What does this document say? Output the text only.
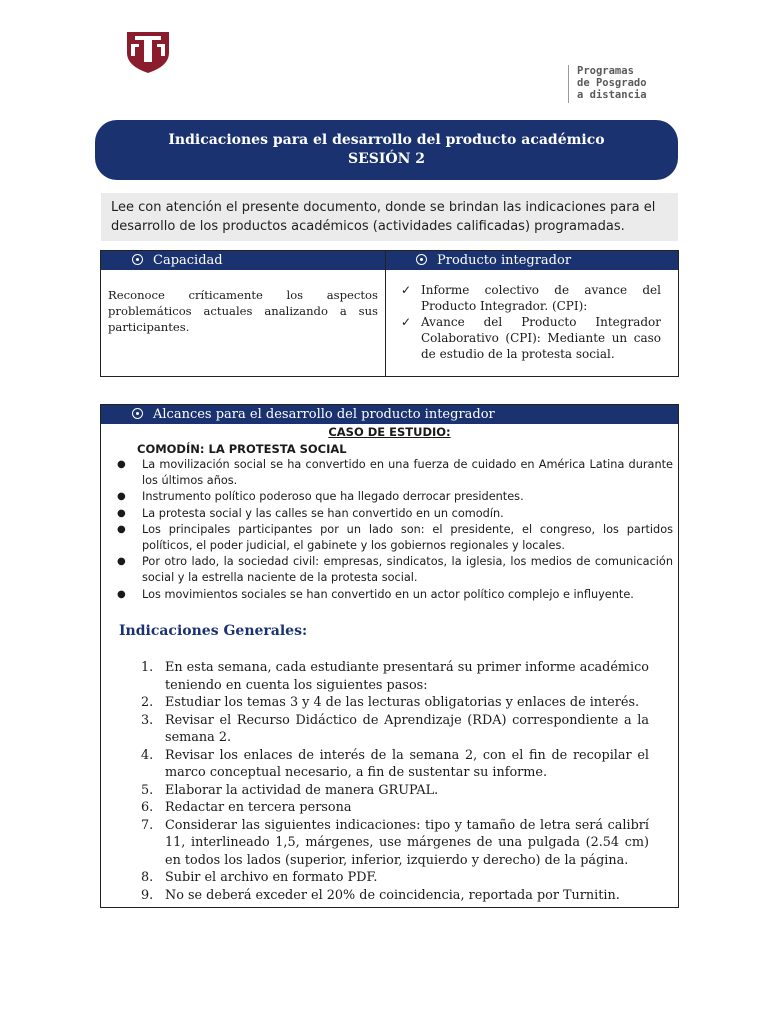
Programas
de Posgrado
a distancia
Indicaciones para el desarrollo del producto académico
SESIÓN 2
Lee con atención el presente documento, donde se brindan las indicaciones para el desarrollo de los productos académicos (actividades calificadas) programadas.
Capacidad	Producto integrador
Reconoce críticamente los aspectos problemáticos actuales analizando a sus participantes.
✓ Informe colectivo de avance del Producto Integrador. (CPI):
✓ Avance del Producto Integrador Colaborativo (CPI): Mediante un caso de estudio de la protesta social.
Alcances para el desarrollo del producto integrador
CASO DE ESTUDIO:
COMODÍN: LA PROTESTA SOCIAL
● La movilización social se ha convertido en una fuerza de cuidado en América Latina durante los últimos años.
● Instrumento político poderoso que ha llegado derrocar presidentes.
● La protesta social y las calles se han convertido en un comodín.
● Los principales participantes por un lado son: el presidente, el congreso, los partidos políticos, el poder judicial, el gabinete y los gobiernos regionales y locales.
● Por otro lado, la sociedad civil: empresas, sindicatos, la iglesia, los medios de comunicación social y la estrella naciente de la protesta social.
● Los movimientos sociales se han convertido en un actor político complejo e influyente.
Indicaciones Generales:
1. En esta semana, cada estudiante presentará su primer informe académico teniendo en cuenta los siguientes pasos:
2. Estudiar los temas 3 y 4 de las lecturas obligatorias y enlaces de interés.
3. Revisar el Recurso Didáctico de Aprendizaje (RDA) correspondiente a la semana 2.
4. Revisar los enlaces de interés de la semana 2, con el fin de recopilar el marco conceptual necesario, a fin de sustentar su informe.
5. Elaborar la actividad de manera GRUPAL.
6. Redactar en tercera persona
7. Considerar las siguientes indicaciones: tipo y tamaño de letra será calibrí 11, interlineado 1,5, márgenes, use márgenes de una pulgada (2.54 cm) en todos los lados (superior, inferior, izquierdo y derecho) de la página.
8. Subir el archivo en formato PDF.
9. No se deberá exceder el 20% de coincidencia, reportada por Turnitin.
